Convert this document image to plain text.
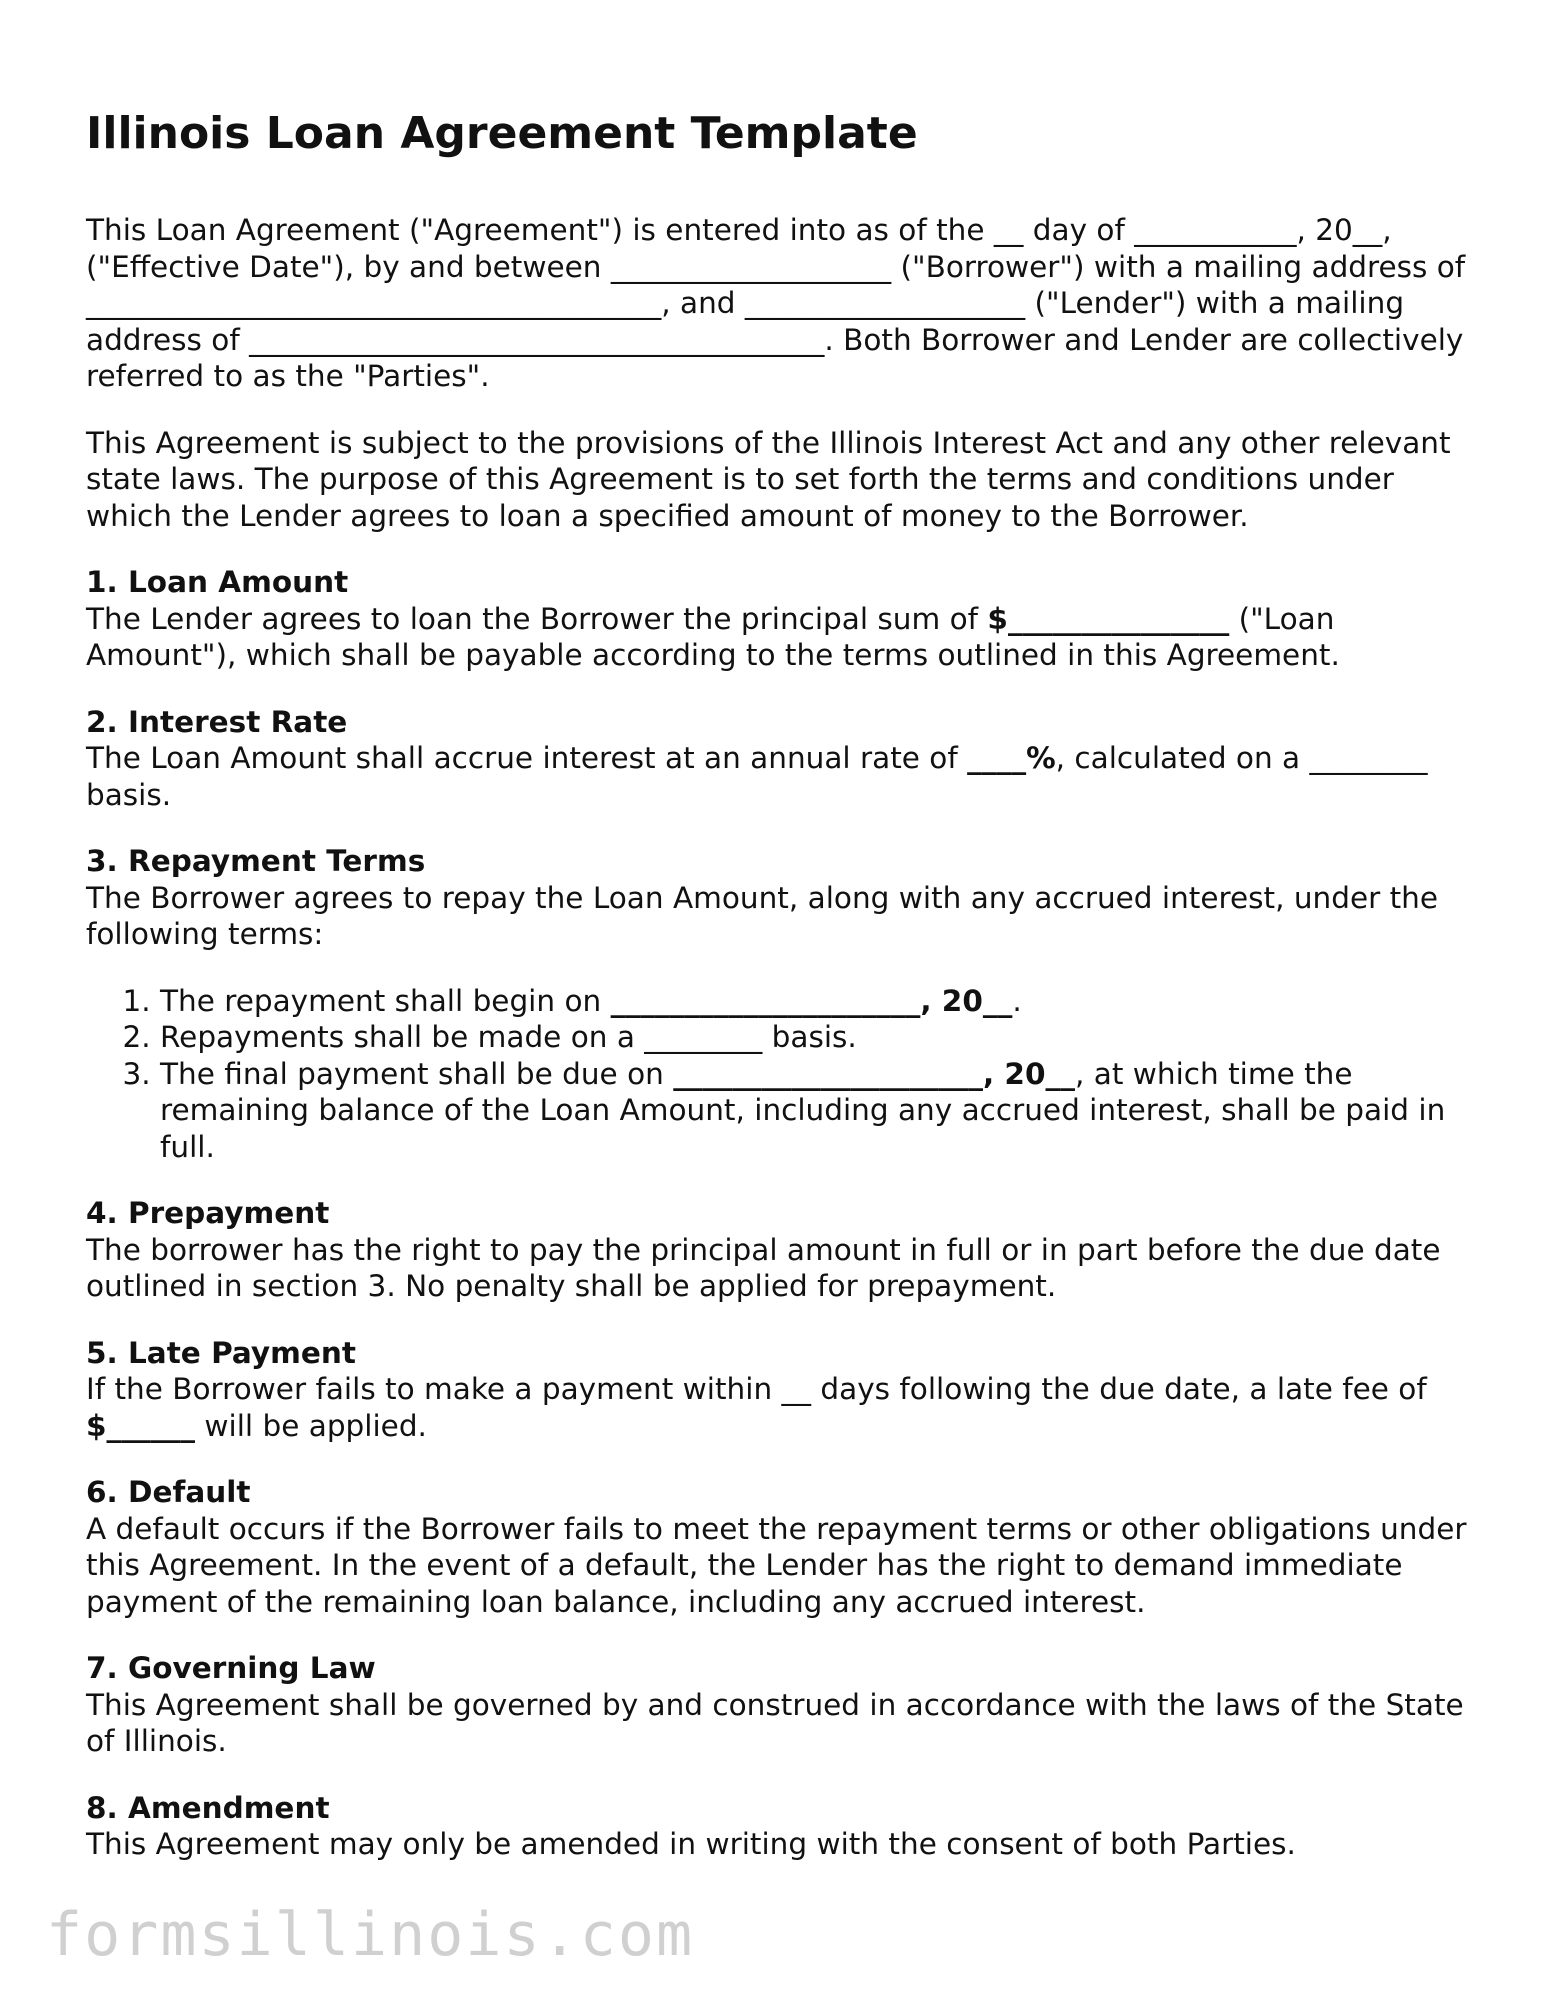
Illinois Loan Agreement Template

This Loan Agreement ("Agreement") is entered into as of the __ day of ___________, 20__, ("Effective Date"), by and between ___________________ ("Borrower") with a mailing address of _______________________________________, and ___________________ ("Lender") with a mailing address of _______________________________________. Both Borrower and Lender are collectively referred to as the "Parties".

This Agreement is subject to the provisions of the Illinois Interest Act and any other relevant state laws. The purpose of this Agreement is to set forth the terms and conditions under which the Lender agrees to loan a specified amount of money to the Borrower.

1. Loan Amount
The Lender agrees to loan the Borrower the principal sum of $_______________ ("Loan Amount"), which shall be payable according to the terms outlined in this Agreement.
2. Interest Rate
The Loan Amount shall accrue interest at an annual rate of ____%, calculated on a ________ basis.
3. Repayment Terms
The Borrower agrees to repay the Loan Amount, along with any accrued interest, under the following terms:
1. The repayment shall begin on _____________________, 20__.
2. Repayments shall be made on a ________ basis.
3. The final payment shall be due on _____________________, 20__, at which time the remaining balance of the Loan Amount, including any accrued interest, shall be paid in full.
4. Prepayment
The borrower has the right to pay the principal amount in full or in part before the due date outlined in section 3. No penalty shall be applied for prepayment.
5. Late Payment
If the Borrower fails to make a payment within __ days following the due date, a late fee of $______ will be applied.
6. Default
A default occurs if the Borrower fails to meet the repayment terms or other obligations under this Agreement. In the event of a default, the Lender has the right to demand immediate payment of the remaining loan balance, including any accrued interest.
7. Governing Law
This Agreement shall be governed by and construed in accordance with the laws of the State of Illinois.
8. Amendment
This Agreement may only be amended in writing with the consent of both Parties.
formsillinois.com
